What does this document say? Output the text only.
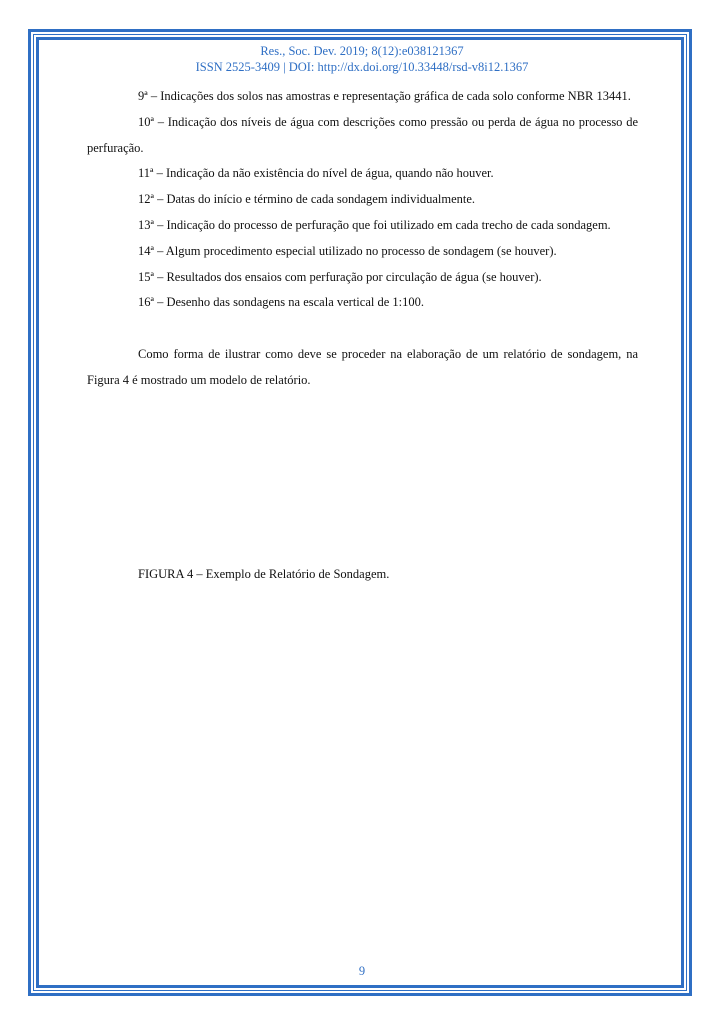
Res., Soc. Dev. 2019; 8(12):e038121367
ISSN 2525-3409 | DOI: http://dx.doi.org/10.33448/rsd-v8i12.1367

9ª – Indicações dos solos nas amostras e representação gráfica de cada solo conforme NBR 13441.

10ª – Indicação dos níveis de água com descrições como pressão ou perda de água no processo de perfuração.

11ª – Indicação da não existência do nível de água, quando não houver.

12ª – Datas do início e término de cada sondagem individualmente.

13ª – Indicação do processo de perfuração que foi utilizado em cada trecho de cada sondagem.

14ª – Algum procedimento especial utilizado no processo de sondagem (se houver).

15ª – Resultados dos ensaios com perfuração por circulação de água (se houver).

16ª – Desenho das sondagens na escala vertical de 1:100.

Como forma de ilustrar como deve se proceder na elaboração de um relatório de sondagem, na Figura 4 é mostrado um modelo de relatório.

FIGURA 4 – Exemplo de Relatório de Sondagem.
9
